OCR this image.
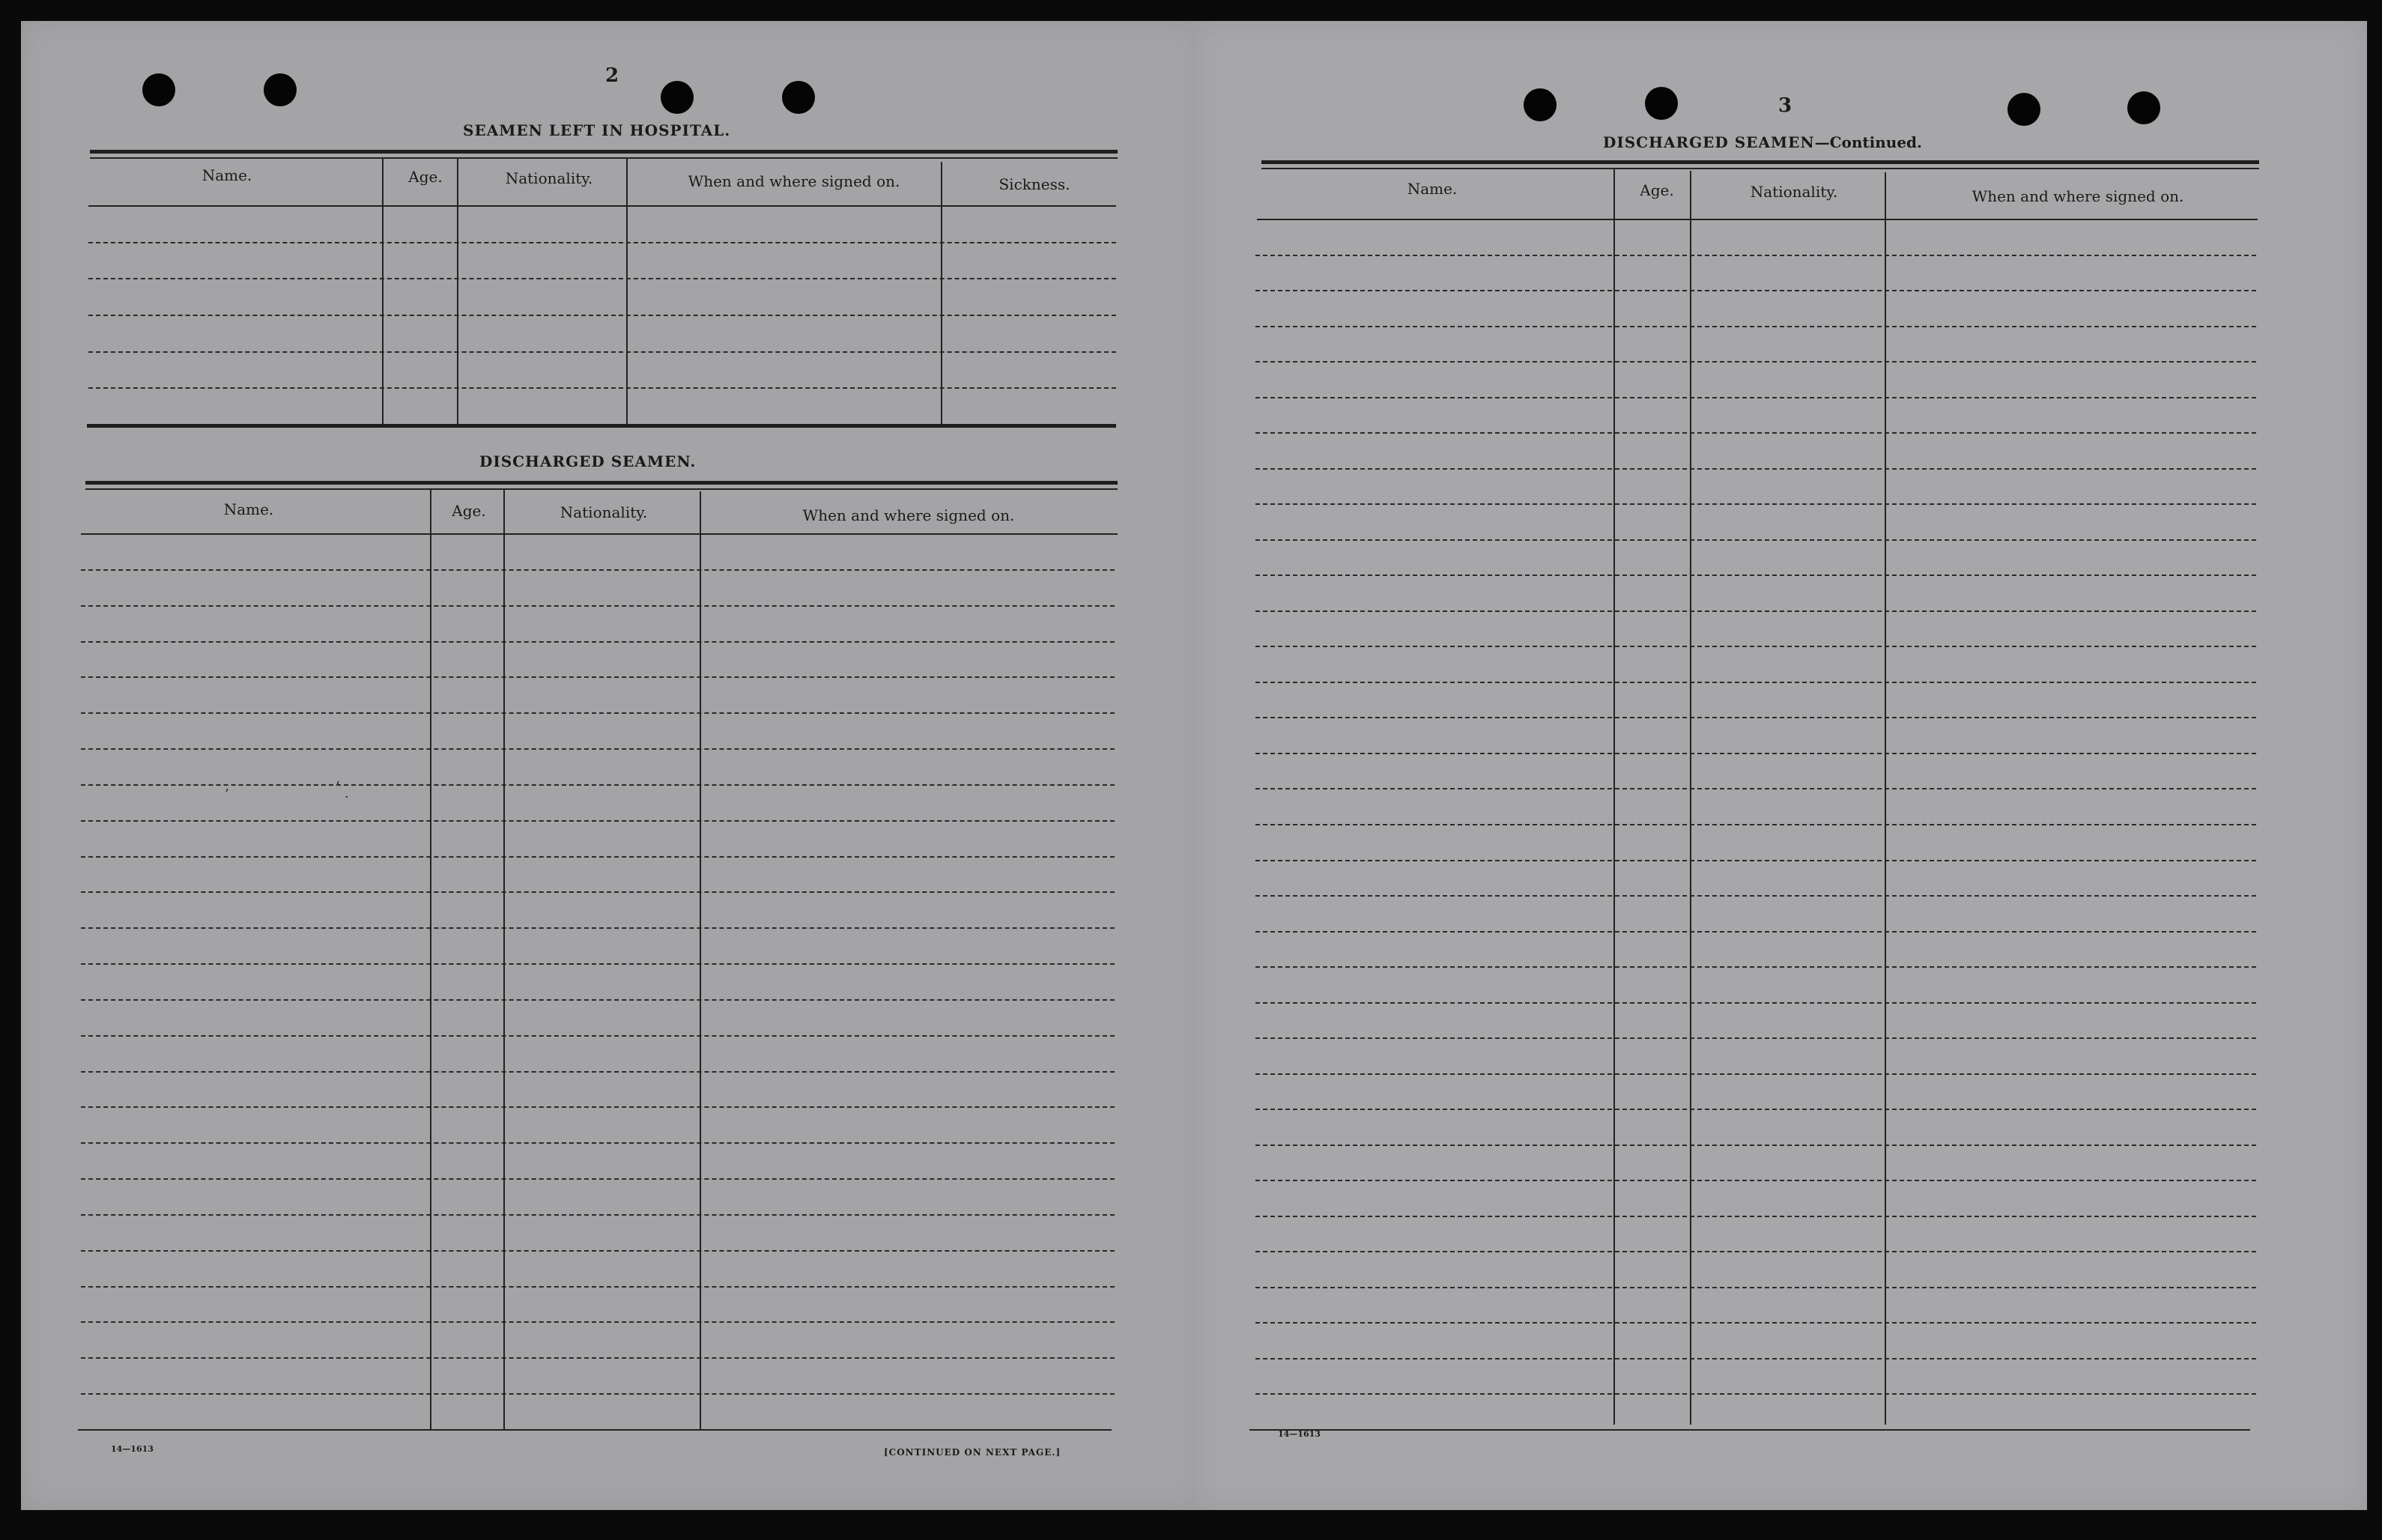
2
SEAMEN LEFT IN HOSPITAL.
Name.	Age.	Nationality.	When and where signed on.	Sickness.
DISCHARGED SEAMEN.
Name.	Age.	Nationality.	When and where signed on.
’	‘
·
14—1613	[CONTINUED ON NEXT PAGE.]
3
DISCHARGED SEAMEN—Continued.
Name.	Age.	Nationality.	When and where signed on.
14—1613
